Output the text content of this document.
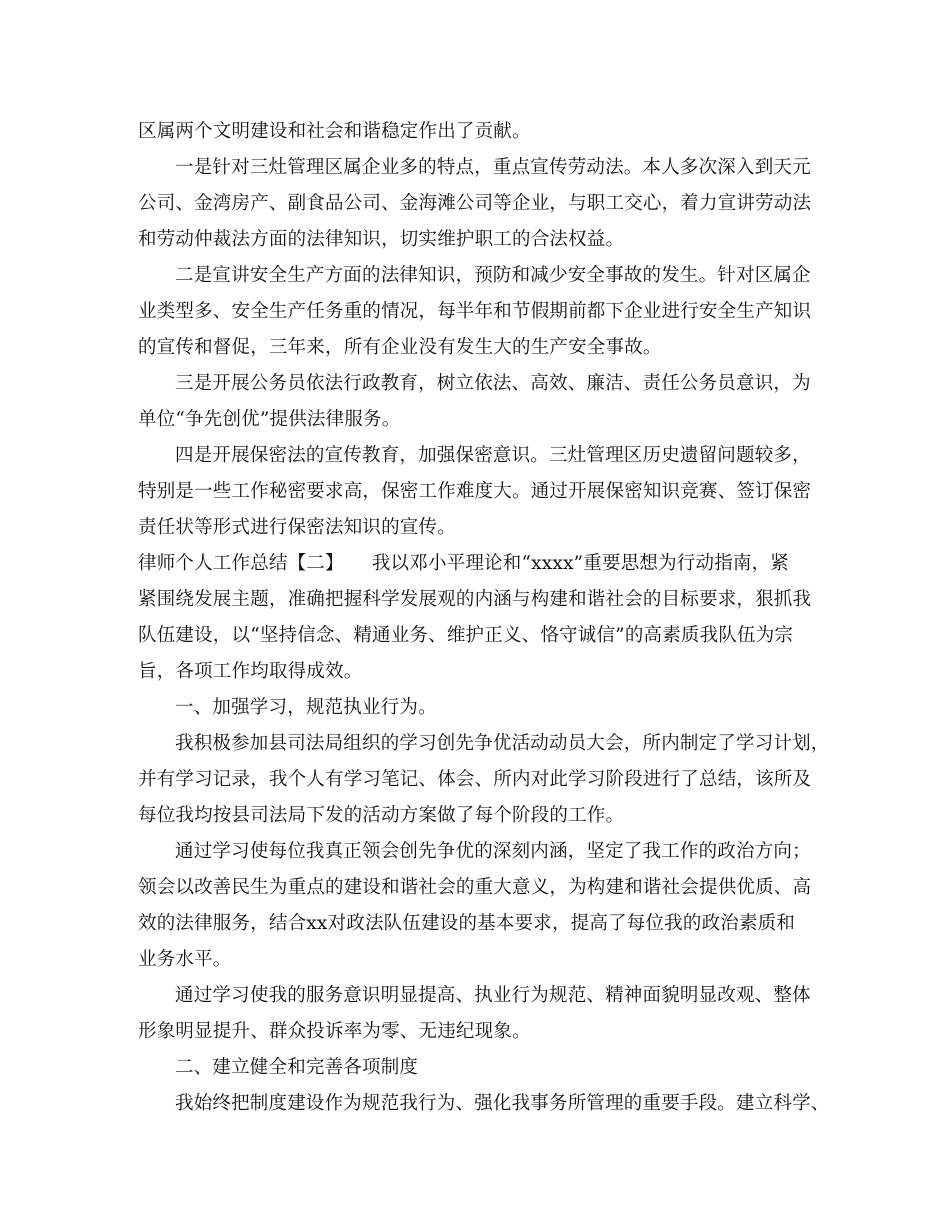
区属两个文明建设和社会和谐稳定作出了贡献。
一是针对三灶管理区属企业多的特点，重点宣传劳动法。本人多次深入到天元
公司、金湾房产、副食品公司、金海滩公司等企业，与职工交心，着力宣讲劳动法
和劳动仲裁法方面的法律知识，切实维护职工的合法权益。
二是宣讲安全生产方面的法律知识，预防和减少安全事故的发生。针对区属企
业类型多、安全生产任务重的情况，每半年和节假期前都下企业进行安全生产知识
的宣传和督促，三年来，所有企业没有发生大的生产安全事故。
三是开展公务员依法行政教育，树立依法、高效、廉洁、责任公务员意识，为
单位“争先创优”提供法律服务。
四是开展保密法的宣传教育，加强保密意识。三灶管理区历史遗留问题较多，
特别是一些工作秘密要求高，保密工作难度大。通过开展保密知识竞赛、签订保密
责任状等形式进行保密法知识的宣传。
律师个人工作总结【二】　　我以邓小平理论和“xxxx”重要思想为行动指南，紧
紧围绕发展主题，准确把握科学发展观的内涵与构建和谐社会的目标要求，狠抓我
队伍建设，以“坚持信念、精通业务、维护正义、恪守诚信”的高素质我队伍为宗
旨，各项工作均取得成效。
一、加强学习，规范执业行为。
我积极参加县司法局组织的学习创先争优活动动员大会，所内制定了学习计划，
并有学习记录，我个人有学习笔记、体会、所内对此学习阶段进行了总结，该所及
每位我均按县司法局下发的活动方案做了每个阶段的工作。
通过学习使每位我真正领会创先争优的深刻内涵，坚定了我工作的政治方向；
领会以改善民生为重点的建设和谐社会的重大意义，为构建和谐社会提供优质、高
效的法律服务，结合xx对政法队伍建设的基本要求，提高了每位我的政治素质和
业务水平。
通过学习使我的服务意识明显提高、执业行为规范、精神面貌明显改观、整体
形象明显提升、群众投诉率为零、无违纪现象。
二、建立健全和完善各项制度
我始终把制度建设作为规范我行为、强化我事务所管理的重要手段。建立科学、
